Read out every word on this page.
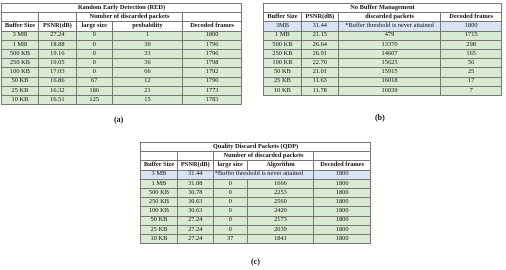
Random Early Detection (RED)				
		Number of discarded packets		
Buffer Size	PSNR(dB)	large size	probability	Decoded frames
3 MB	27.24	0	1	1800
1 MB	18.88	0	39	1796
500 KB	19.16	0	33	1796
250 KB	19.05	0	36	1798
100 KB	17.03	0	66	1792
50 KB	16.86	67	12	1790
25 KB	16.32	186	21	1773
10 KB	16.51	125	15	1783
(a)
No Buffer Management			
Buffer Size	PSNR(dB)	discarded packets	Decoded frames
3MB	31.44	*Buffer threshold is never attained	1800
1 MB	21.15	479	1715
500 KB	26.64	13370	298
250 KB	26.91	14607	165
100 KB	22.70	15625	56
50 KB	21.01	15915	25
25 KB	11.63	16018	17
10 KB	11.78	16039	7
(b)
Quality Discard Packets (QDP)				
		Number of discarded packets		
Buffer Size	PSNR(dB)	large size	Algorithm	Decoded frames
3 MB	31.44	*Buffer threshold is never attained		1800
1 MB	31.08	0	1666	1800
500 KB	30.78	0	2253	1800
250 KB	30.63	0	2560	1800
100 KB	30.63	0	2420	1800
50 KB	27.24	0	2173	1800
25 KB	27.24	0	2039	1800
10 KB	27.24	37	1841	1800
(c)
